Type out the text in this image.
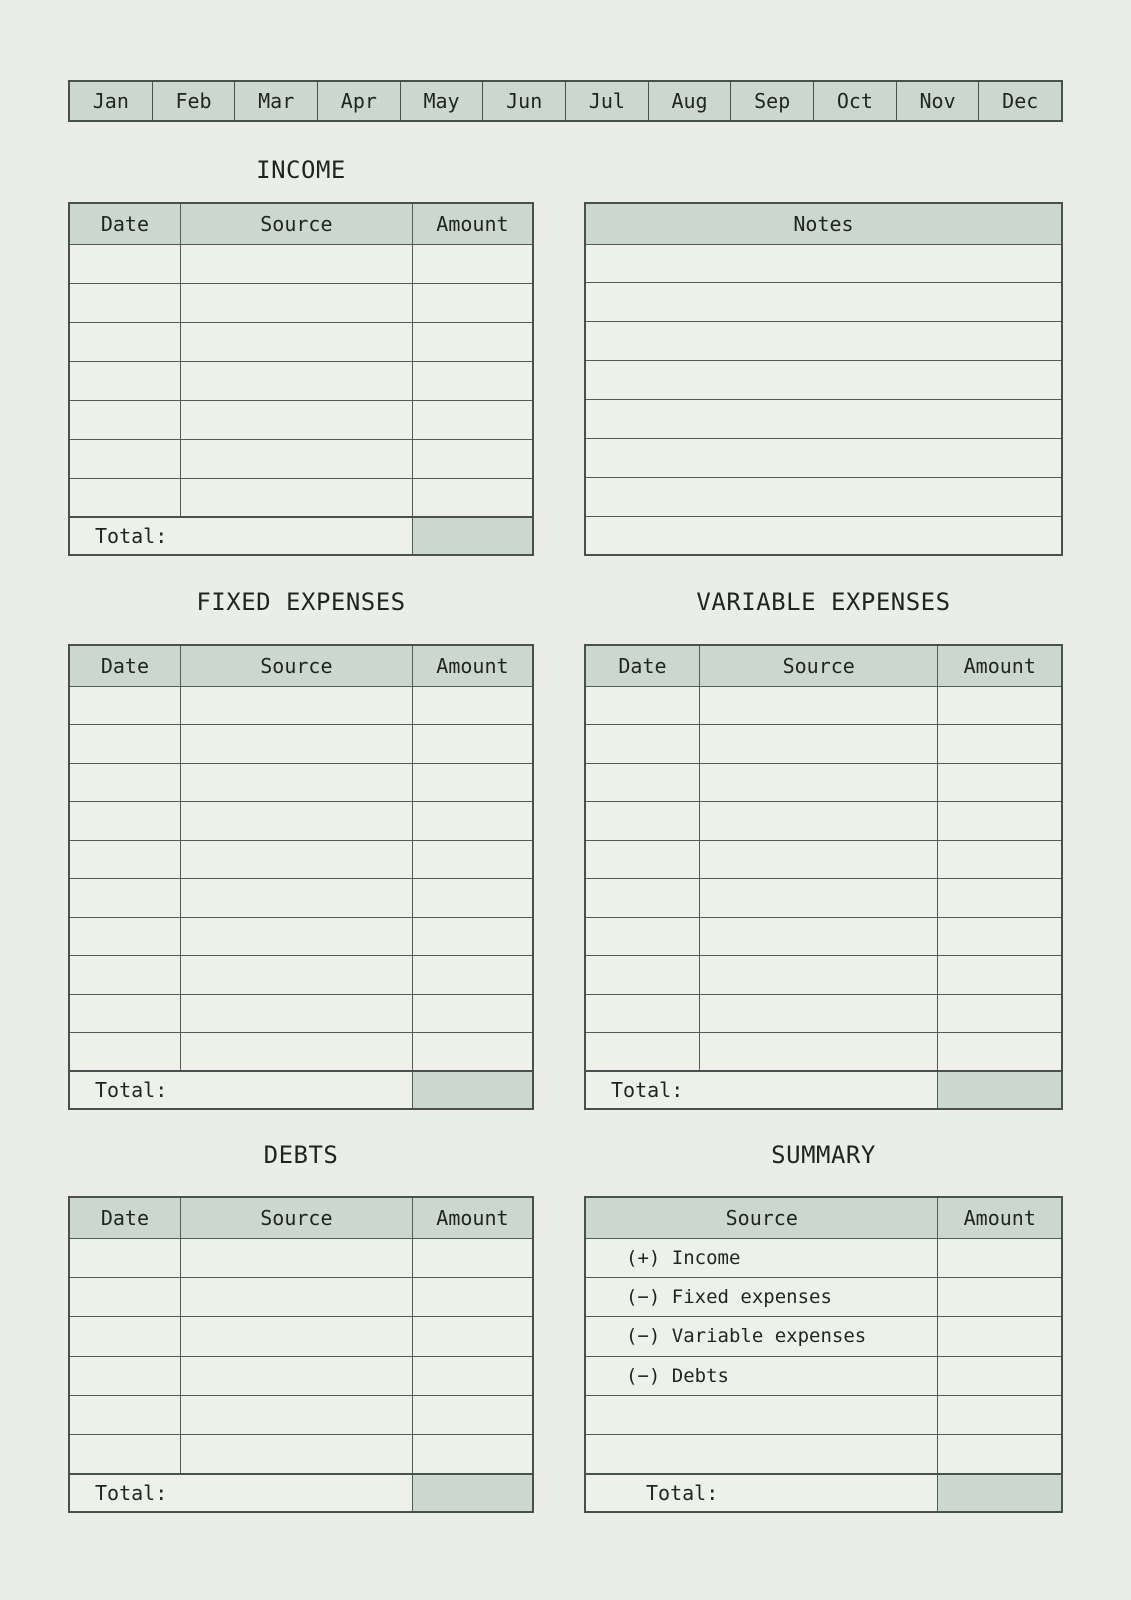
Jan	Feb	Mar	Apr	May	Jun	Jul	Aug	Sep	Oct	Nov	Dec
INCOME
Date	Source	Amount

Total:		
Notes

FIXED EXPENSES	VARIABLE EXPENSES
Date	Source	Amount

Total:		
Date	Source	Amount

Total:		
DEBTS	SUMMARY
Date	Source	Amount

Total:		
Source	Amount
(+) Income	
(−) Fixed expenses	
(−) Variable expenses	
(−) Debts	

Total:	
